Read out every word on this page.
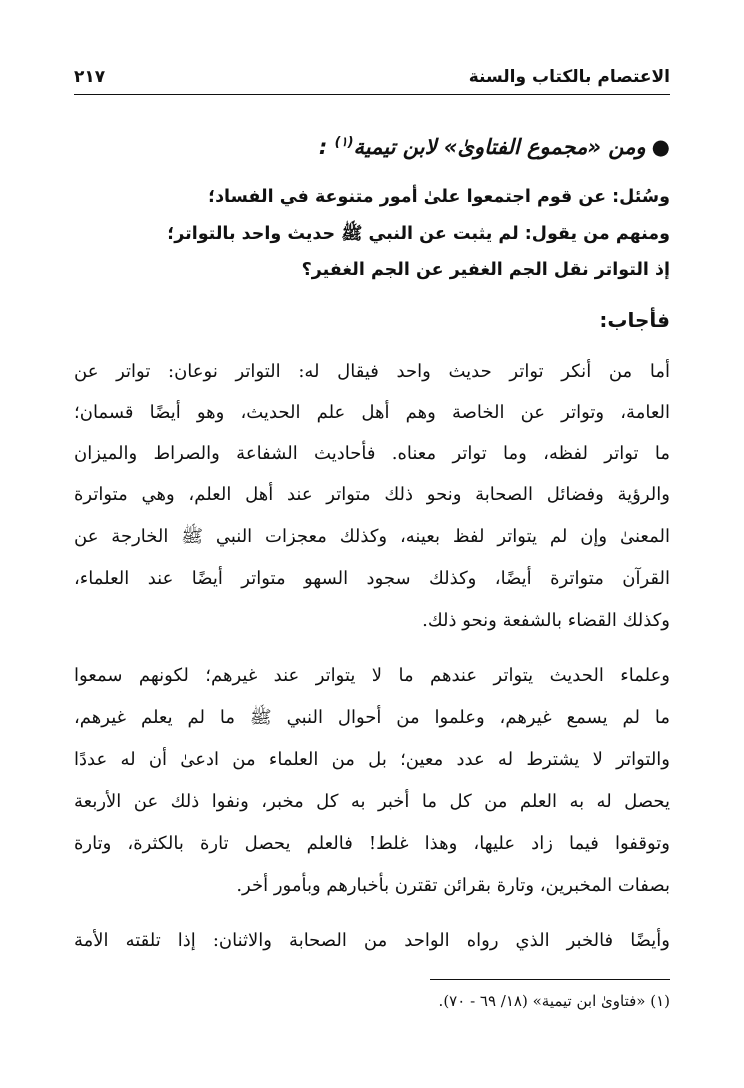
الاعتصام بالكتاب والسنة
٢١٧
●ومن «مجموع الفتاوىٰ» لابن تيمية$^{(١)}$ :
وسُئل: عن قوم اجتمعوا علىٰ أمور متنوعة في الفساد؛
ومنهم من يقول: لم يثبت عن النبي ﷺ حديث واحد بالتواتر؛
إذ التواتر نقل الجم الغفير عن الجم الغفير؟
فأجاب:
أما من أنكر تواتر حديث واحد فيقال له: التواتر نوعان: تواتر عن
العامة، وتواتر عن الخاصة وهم أهل علم الحديث، وهو أيضًا قسمان؛
ما تواتر لفظه، وما تواتر معناه. فأحاديث الشفاعة والصراط والميزان
والرؤية وفضائل الصحابة ونحو ذلك متواتر عند أهل العلم، وهي متواترة
المعنىٰ وإن لم يتواتر لفظ بعينه، وكذلك معجزات النبي ﷺ الخارجة عن
القرآن متواترة أيضًا، وكذلك سجود السهو متواتر أيضًا عند العلماء،
وكذلك القضاء بالشفعة ونحو ذلك.
وعلماء الحديث يتواتر عندهم ما لا يتواتر عند غيرهم؛ لكونهم سمعوا
ما لم يسمع غيرهم، وعلموا من أحوال النبي ﷺ ما لم يعلم غيرهم،
والتواتر لا يشترط له عدد معين؛ بل من العلماء من ادعىٰ أن له عددًا
يحصل له به العلم من كل ما أخبر به كل مخبر، ونفوا ذلك عن الأربعة
وتوقفوا فيما زاد عليها، وهذا غلط! فالعلم يحصل تارة بالكثرة، وتارة
بصفات المخبرين، وتارة بقرائن تقترن بأخبارهم وبأمور أخر.
وأيضًا فالخبر الذي رواه الواحد من الصحابة والاثنان: إذا تلقته الأمة
(١) «فتاوىٰ ابن تيمية» (١٨/ ٦٩ - ٧٠).
